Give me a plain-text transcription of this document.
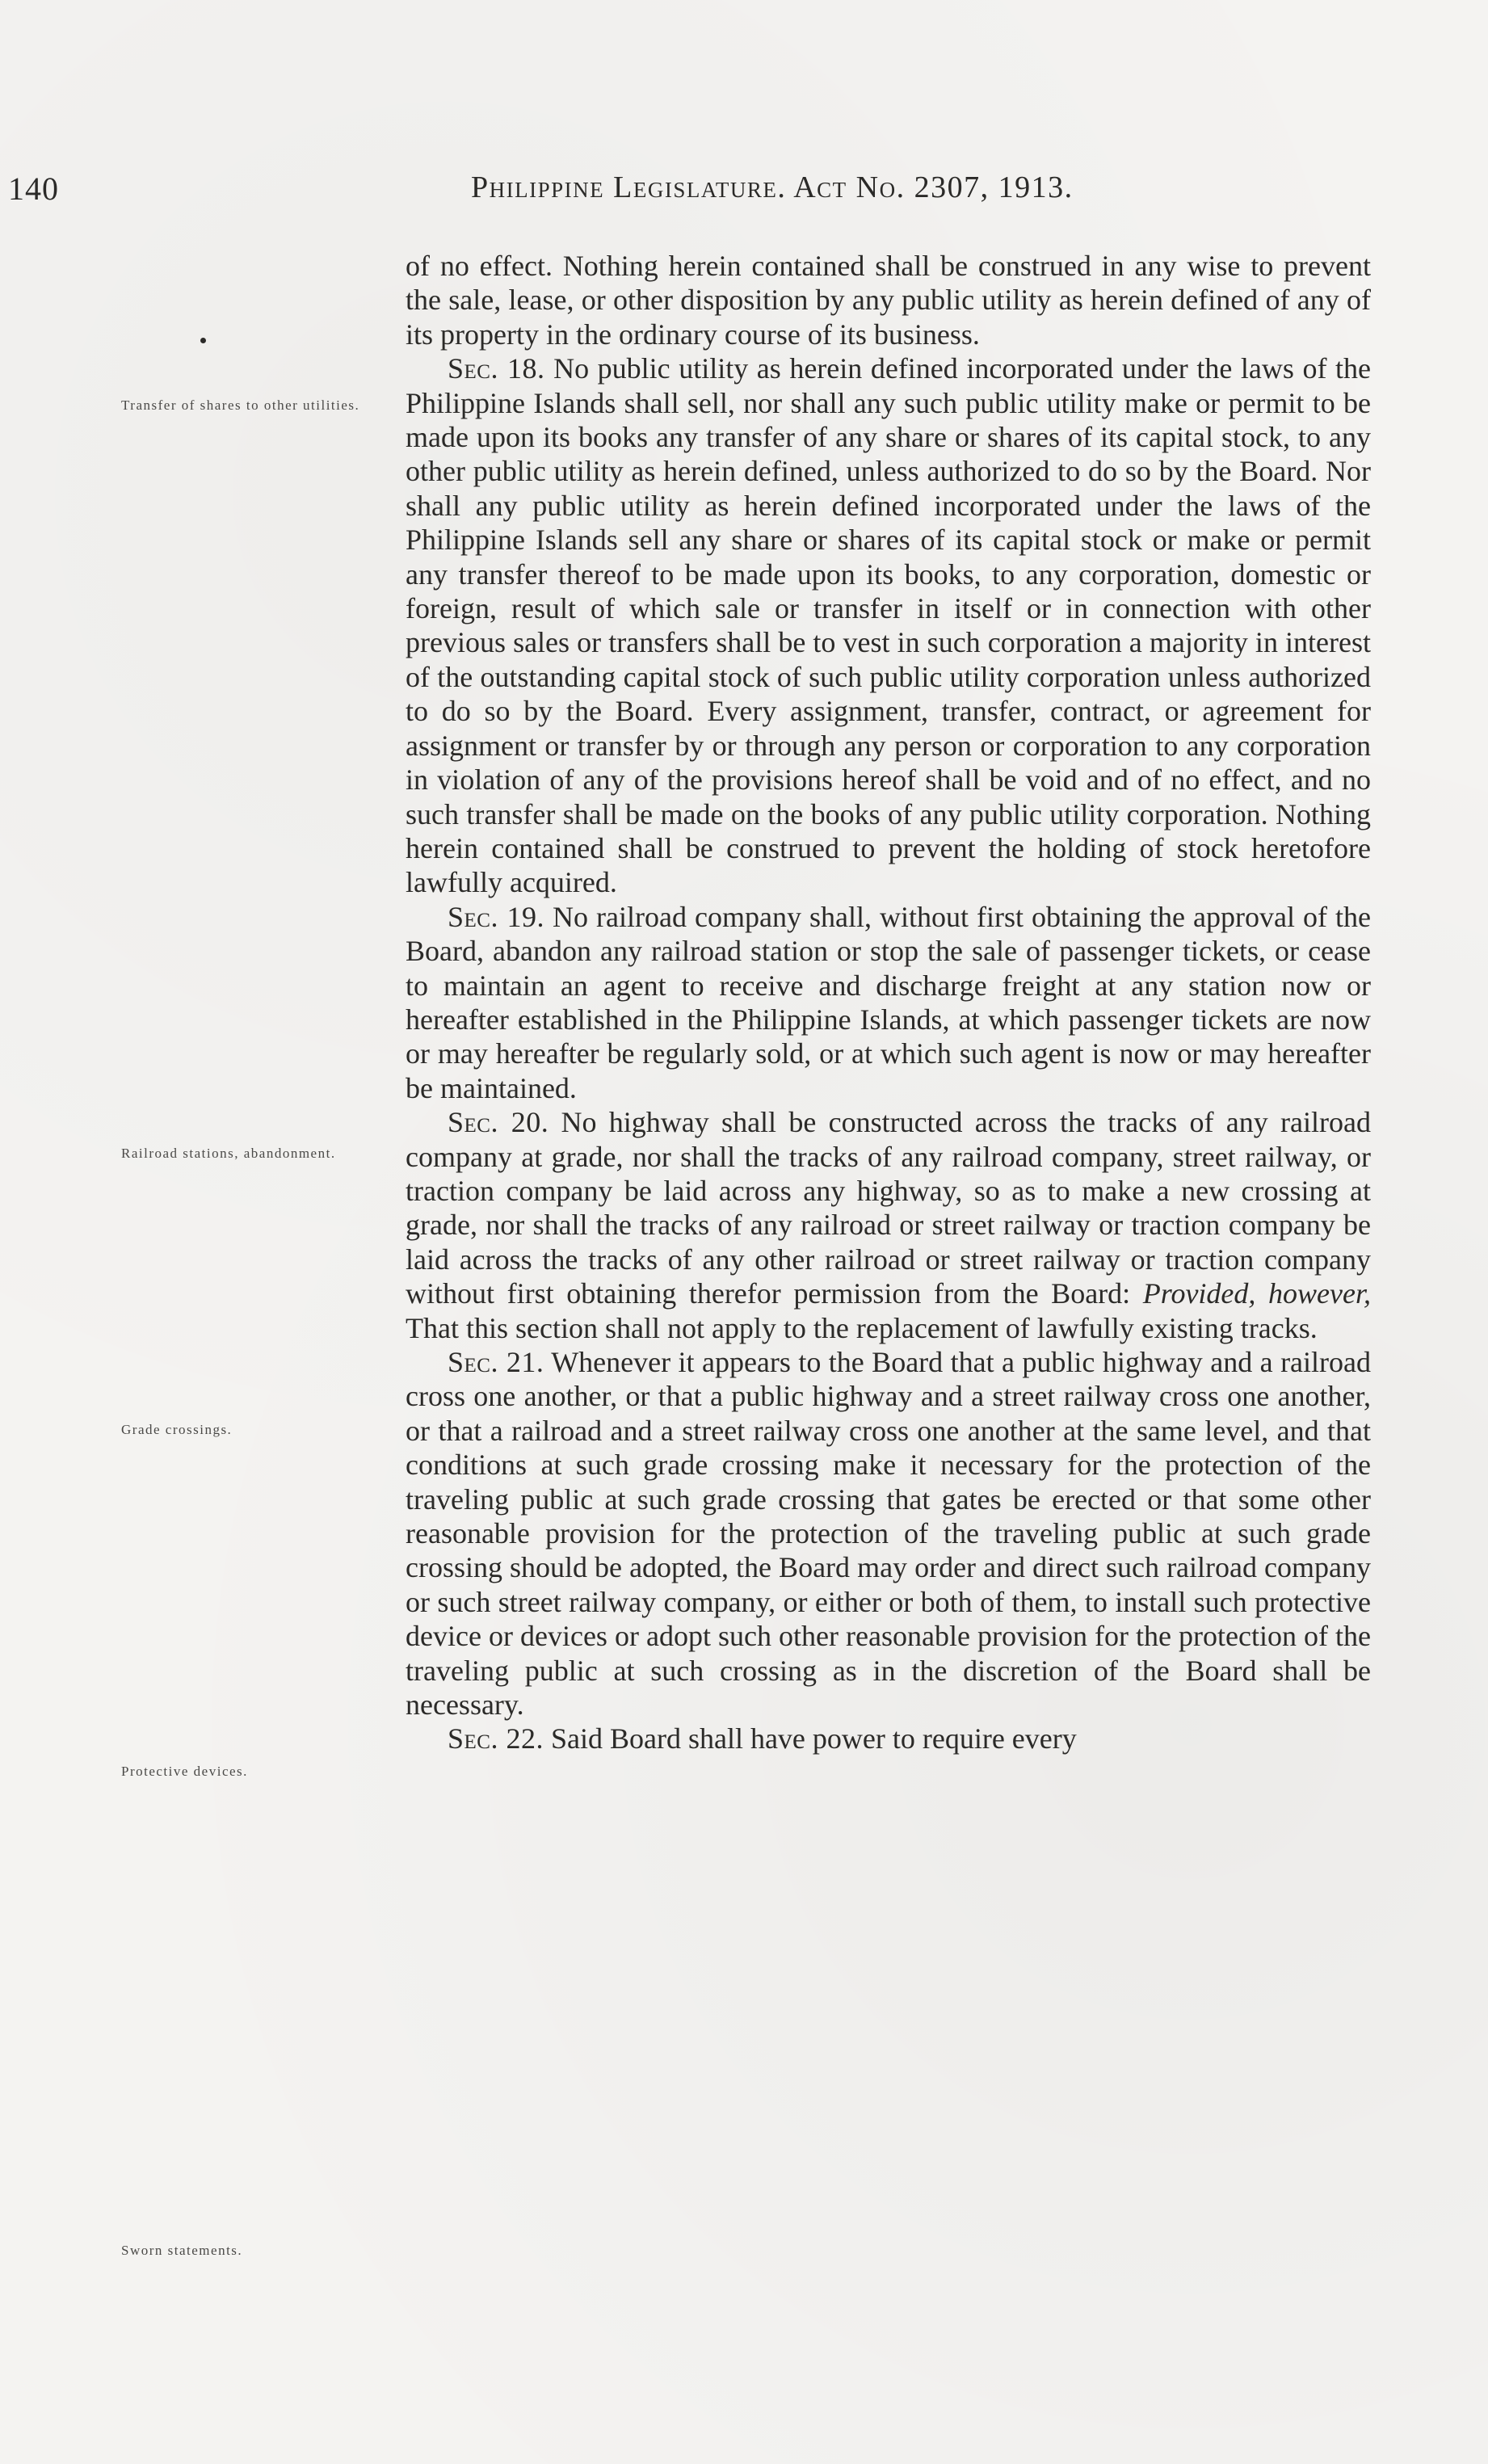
140	Philippine Legislature. Act No. 2307, 1913.
Transfer of shares to other utilities.
Railroad stations, abandonment.
Grade crossings.
Protective devices.
Sworn statements.

of no effect. Nothing herein contained shall be construed in any wise to prevent the sale, lease, or other disposition by any public utility as herein defined of any of its property in the ordinary course of its business.

Sec. 18. No public utility as herein defined incorporated under the laws of the Philippine Islands shall sell, nor shall any such public utility make or permit to be made upon its books any transfer of any share or shares of its capital stock, to any other public utility as herein defined, unless authorized to do so by the Board. Nor shall any public utility as herein defined incorporated under the laws of the Philippine Islands sell any share or shares of its capital stock or make or permit any transfer thereof to be made upon its books, to any corporation, domestic or foreign, result of which sale or transfer in itself or in connection with other previous sales or transfers shall be to vest in such corporation a majority in interest of the outstanding capital stock of such public utility corporation unless authorized to do so by the Board. Every assignment, transfer, contract, or agreement for assignment or transfer by or through any person or corporation to any corporation in violation of any of the provisions hereof shall be void and of no effect, and no such transfer shall be made on the books of any public utility corporation. Nothing herein contained shall be construed to prevent the holding of stock heretofore lawfully acquired.

Sec. 19. No railroad company shall, without first obtaining the approval of the Board, abandon any railroad station or stop the sale of passenger tickets, or cease to maintain an agent to receive and discharge freight at any station now or hereafter established in the Philippine Islands, at which passenger tickets are now or may hereafter be regularly sold, or at which such agent is now or may hereafter be maintained.

Sec. 20. No highway shall be constructed across the tracks of any railroad company at grade, nor shall the tracks of any railroad company, street railway, or traction company be laid across any highway, so as to make a new crossing at grade, nor shall the tracks of any railroad or street railway or traction company be laid across the tracks of any other railroad or street railway or traction company without first obtaining therefor permission from the Board: Provided, however, That this section shall not apply to the replacement of lawfully existing tracks.

Sec. 21. Whenever it appears to the Board that a public highway and a railroad cross one another, or that a public highway and a street railway cross one another, or that a railroad and a street railway cross one another at the same level, and that conditions at such grade crossing make it necessary for the protection of the traveling public at such grade crossing that gates be erected or that some other reasonable provision for the protection of the traveling public at such grade crossing should be adopted, the Board may order and direct such railroad company or such street railway company, or either or both of them, to install such protective device or devices or adopt such other reasonable provision for the protection of the traveling public at such crossing as in the discretion of the Board shall be necessary.

Sec. 22. Said Board shall have power to require every
